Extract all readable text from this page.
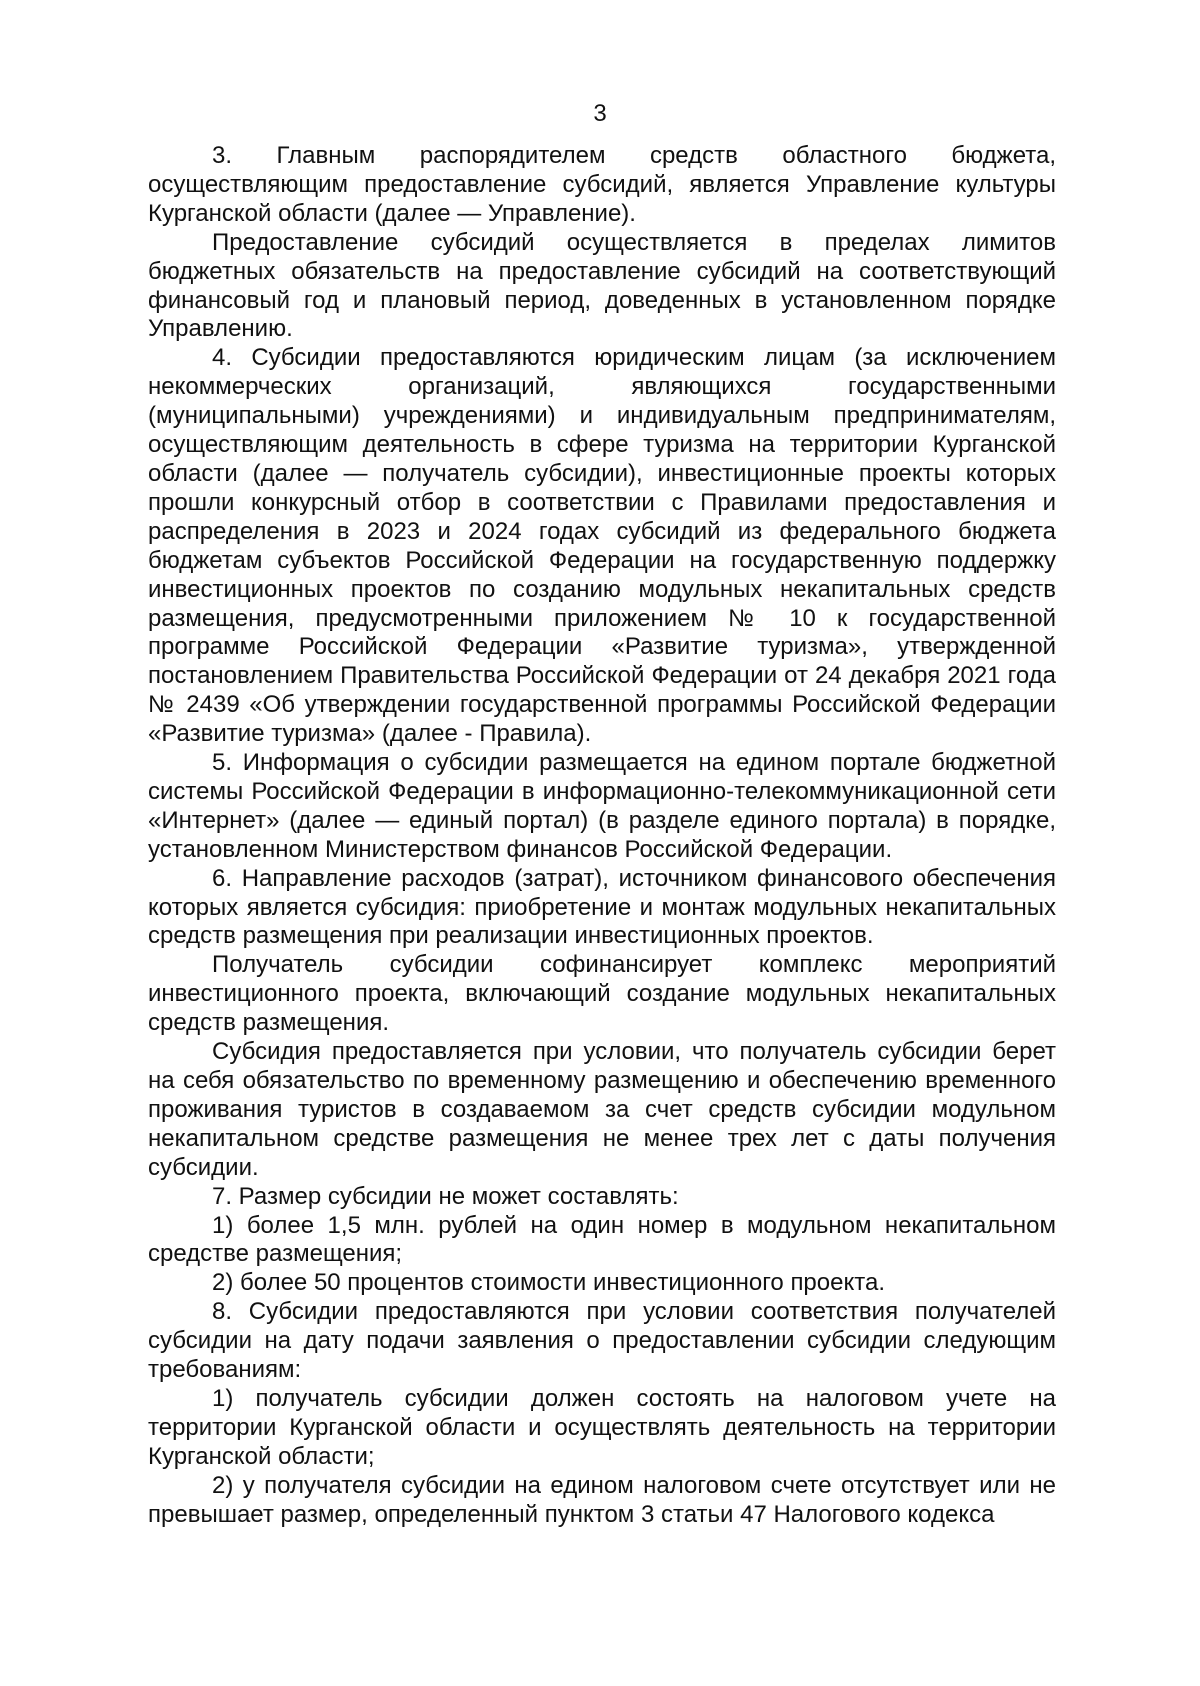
3

3. Главным распорядителем средств областного бюджета, осуществляющим предоставление субсидий, является Управление культуры Курганской области (далее — Управление).

Предоставление субсидий осуществляется в пределах лимитов бюджетных обязательств на предоставление субсидий на соответствующий финансовый год и плановый период, доведенных в установленном порядке Управлению.

4. Субсидии предоставляются юридическим лицам (за исключением некоммерческих организаций, являющихся государственными (муниципальными) учреждениями) и индивидуальным предпринимателям, осуществляющим деятельность в сфере туризма на территории Курганской области (далее — получатель субсидии), инвестиционные проекты которых прошли конкурсный отбор в соответствии с Правилами предоставления и распределения в 2023 и 2024 годах субсидий из федерального бюджета бюджетам субъектов Российской Федерации на государственную поддержку инвестиционных проектов по созданию модульных некапитальных средств размещения, предусмотренными приложением № 10 к государственной программе Российской Федерации «Развитие туризма», утвержденной постановлением Правительства Российской Федерации от 24 декабря 2021 года № 2439 «Об утверждении государственной программы Российской Федерации «Развитие туризма» (далее - Правила).

5. Информация о субсидии размещается на едином портале бюджетной системы Российской Федерации в информационно-телекоммуникационной сети «Интернет» (далее — единый портал) (в разделе единого портала) в порядке, установленном Министерством финансов Российской Федерации.

6. Направление расходов (затрат), источником финансового обеспечения которых является субсидия: приобретение и монтаж модульных некапитальных средств размещения при реализации инвестиционных проектов.

Получатель субсидии софинансирует комплекс мероприятий инвестиционного проекта, включающий создание модульных некапитальных средств размещения.

Субсидия предоставляется при условии, что получатель субсидии берет на себя обязательство по временному размещению и обеспечению временного проживания туристов в создаваемом за счет средств субсидии модульном некапитальном средстве размещения не менее трех лет с даты получения субсидии.

7. Размер субсидии не может составлять:

1) более 1,5 млн. рублей на один номер в модульном некапитальном средстве размещения;

2) более 50 процентов стоимости инвестиционного проекта.

8. Субсидии предоставляются при условии соответствия получателей субсидии на дату подачи заявления о предоставлении субсидии следующим требованиям:

1) получатель субсидии должен состоять на налоговом учете на территории Курганской области и осуществлять деятельность на территории Курганской области;

2) у получателя субсидии на едином налоговом счете отсутствует или не превышает размер, определенный пунктом 3 статьи 47 Налогового кодекса
